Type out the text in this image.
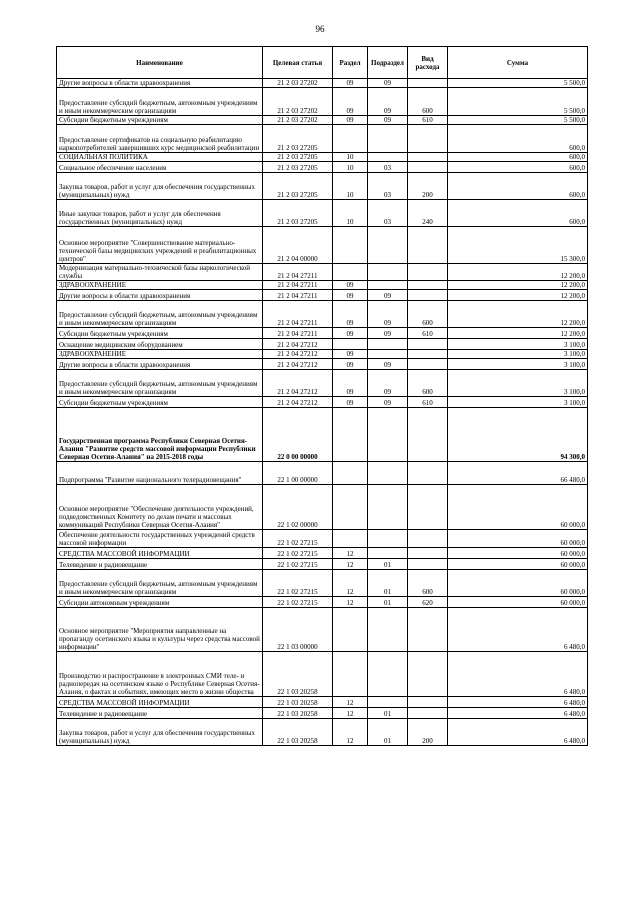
96
Наименование	Целевая статья	Раздел	Подраздел	Вид расхода	Сумма
Другие вопросы в области здравоохранения	21 2 03 27202	09	09		5 500,0
Предоставление субсидий бюджетным, автономным учреждениям и иным некоммерческим организациям	21 2 03 27202	09	09	600	5 500,0
Субсидии бюджетным учреждениям	21 2 03 27202	09	09	610	5 500,0
Предоставление сертификатов на социальную реабилитацию наркопотребителей завершивших курс медицинской реабилитации	21 2 03 27205				600,0
СОЦИАЛЬНАЯ ПОЛИТИКА	21 2 03 27205	10			600,0
Социальное обеспечение населения	21 2 03 27205	10	03		600,0
Закупка товаров, работ и услуг для обеспечения государственных (муниципальных) нужд	21 2 03 27205	10	03	200	600,0
Иные закупки товаров, работ и услуг для обеспечения государственных (муниципальных) нужд	21 2 03 27205	10	03	240	600,0
Основное мероприятие "Совершенствование материально-технической базы медицинских учреждений и реабилитационных центров"	21 2 04 00000				15 300,0
Модернизация материально-технической базы наркологической службы	21 2 04 27211				12 200,0
ЗДРАВООХРАНЕНИЕ	21 2 04 27211	09			12 200,0
Другие вопросы в области здравоохранения	21 2 04 27211	09	09		12 200,0
Предоставление субсидий бюджетным, автономным учреждениям и иным некоммерческим организациям	21 2 04 27211	09	09	600	12 200,0
Субсидии бюджетным учреждениям	21 2 04 27211	09	09	610	12 200,0
Оснащение медицинским оборудованием	21 2 04 27212				3 100,0
ЗДРАВООХРАНЕНИЕ	21 2 04 27212	09			3 100,0
Другие вопросы в области здравоохранения	21 2 04 27212	09	09		3 100,0
Предоставление субсидий бюджетным, автономным учреждениям и иным некоммерческим организациям	21 2 04 27212	09	09	600	3 100,0
Субсидии бюджетным учреждениям	21 2 04 27212	09	09	610	3 100,0
Государственная программа Республики Северная Осетия-Алания "Развитие средств массовой информации Республики Северная Осетия-Алания" на 2015-2018 годы	22 0 00 00000				94 300,0
Подпрограмма "Развитие национального телерадиовещания"	22 1 00 00000				66 480,0
Основное мероприятие "Обеспечение деятельности учреждений, подведомственных Комитету по делам печати и массовых коммуникаций Республики Северная Осетия-Алания"	22 1 02 00000				60 000,0
Обеспечение деятельности государственных учреждений средств массовой информации	22 1 02 27215				60 000,0
СРЕДСТВА МАССОВОЙ ИНФОРМАЦИИ	22 1 02 27215	12			60 000,0
Телевидение и радиовещание	22 1 02 27215	12	01		60 000,0
Предоставление субсидий бюджетным, автономным учреждениям и иным некоммерческим организациям	22 1 02 27215	12	01	600	60 000,0
Субсидии автономным учреждениям	22 1 02 27215	12	01	620	60 000,0
Основное мероприятие "Мероприятия направленные на пропаганду осетинского языка и культуры через средства массовой информации"	22 1 03 00000				6 480,0
Производство и распространение в электронных СМИ теле- и радиопередач на осетинском языке о Республике Северная Осетия-Алания, о фактах и событиях, имеющих место в жизни общества	22 1 03 20258				6 480,0
СРЕДСТВА МАССОВОЙ ИНФОРМАЦИИ	22 1 03 20258	12			6 480,0
Телевидение и радиовещание	22 1 03 20258	12	01		6 480,0
Закупка товаров, работ и услуг для обеспечения государственных (муниципальных) нужд	22 1 03 20258	12	01	200	6 480,0
